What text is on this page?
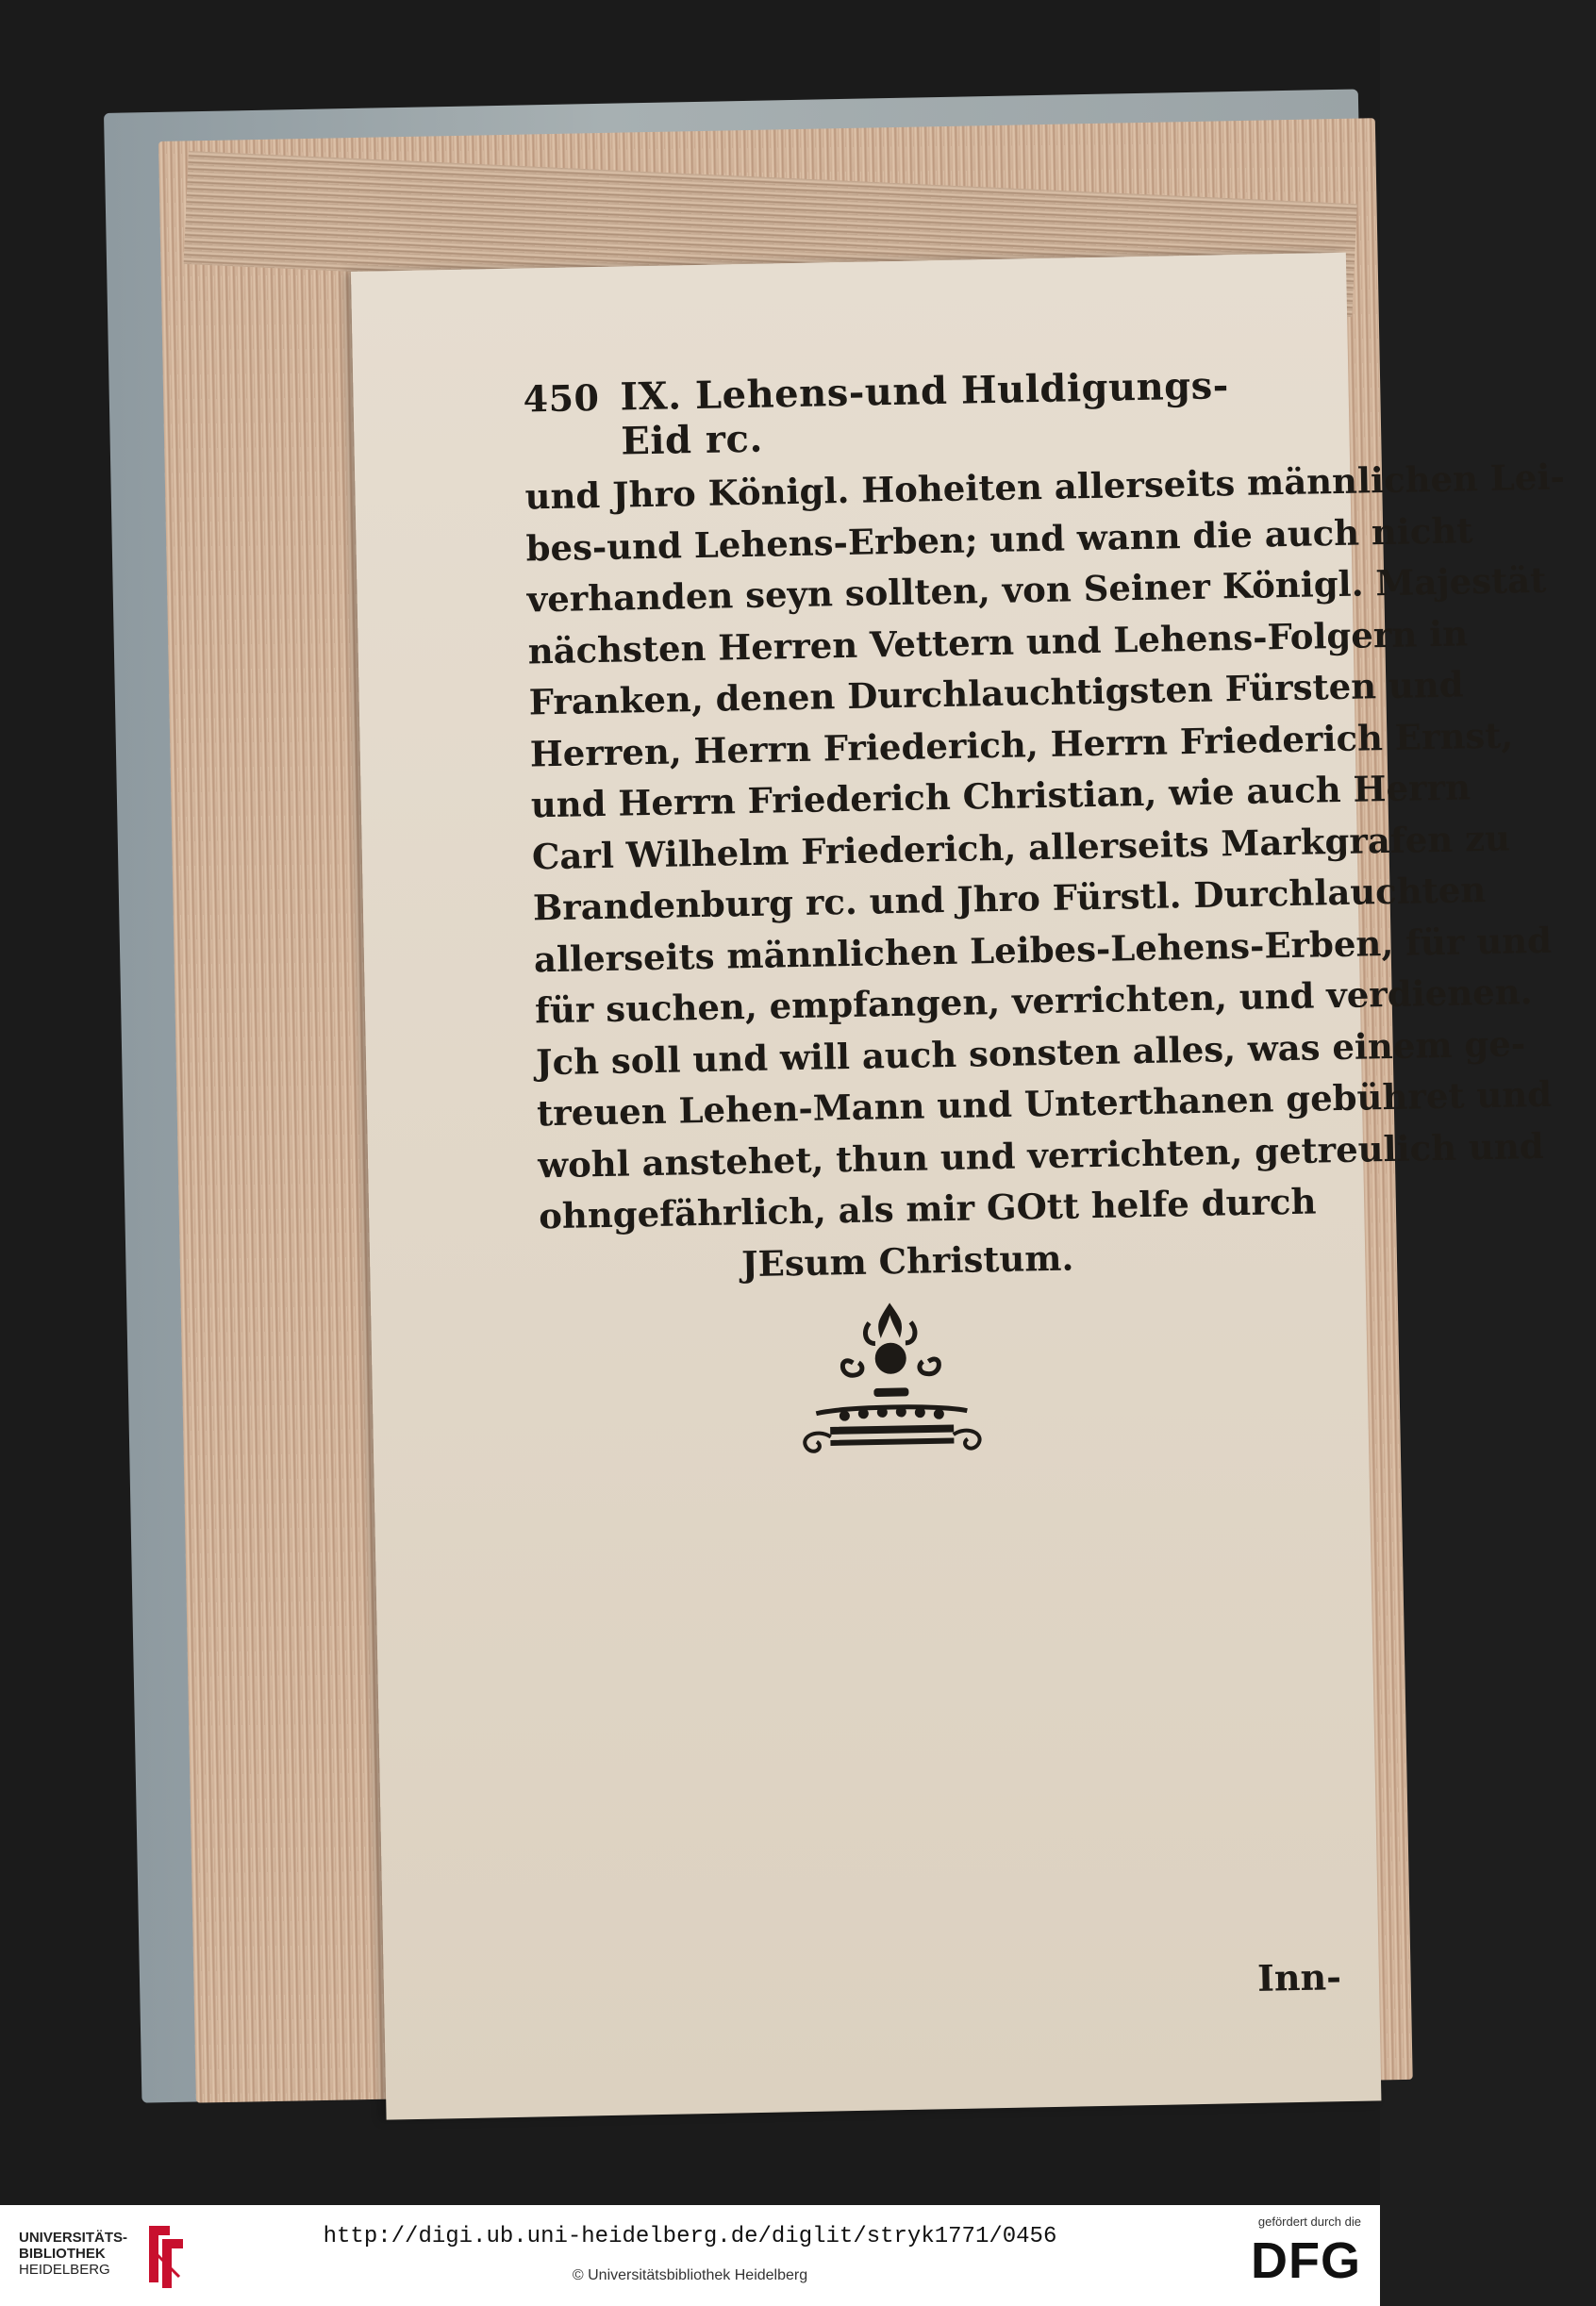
450 IX. Lehens-und Huldigungs-Eid rc.
und Jhro Königl. Hoheiten allerseits männlichen Lei-
bes-und Lehens-Erben; und wann die auch nicht
verhanden seyn sollten, von Seiner Königl. Majestät
nächsten Herren Vettern und Lehens-Folgern in
Franken, denen Durchlauchtigsten Fürsten und
Herren, Herrn Friederich, Herrn Friederich Ernst,
und Herrn Friederich Christian, wie auch Herrn
Carl Wilhelm Friederich, allerseits Markgrafen zu
Brandenburg rc. und Jhro Fürstl. Durchlauchten
allerseits männlichen Leibes-Lehens-Erben, für und
für suchen, empfangen, verrichten, und verdienen.
Jch soll und will auch sonsten alles, was einem ge-
treuen Lehen-Mann und Unterthanen gebühret und
wohl anstehet, thun und verrichten, getreulich und
ohngefährlich, als mir GOtt helfe durch
JEsum Christum.
Inn-
UNIVERSITÄTS-
BIBLIOTHEK
HEIDELBERG
http://digi.ub.uni-heidelberg.de/diglit/stryk1771/0456
© Universitätsbibliothek Heidelberg
gefördert durch die
DFG
